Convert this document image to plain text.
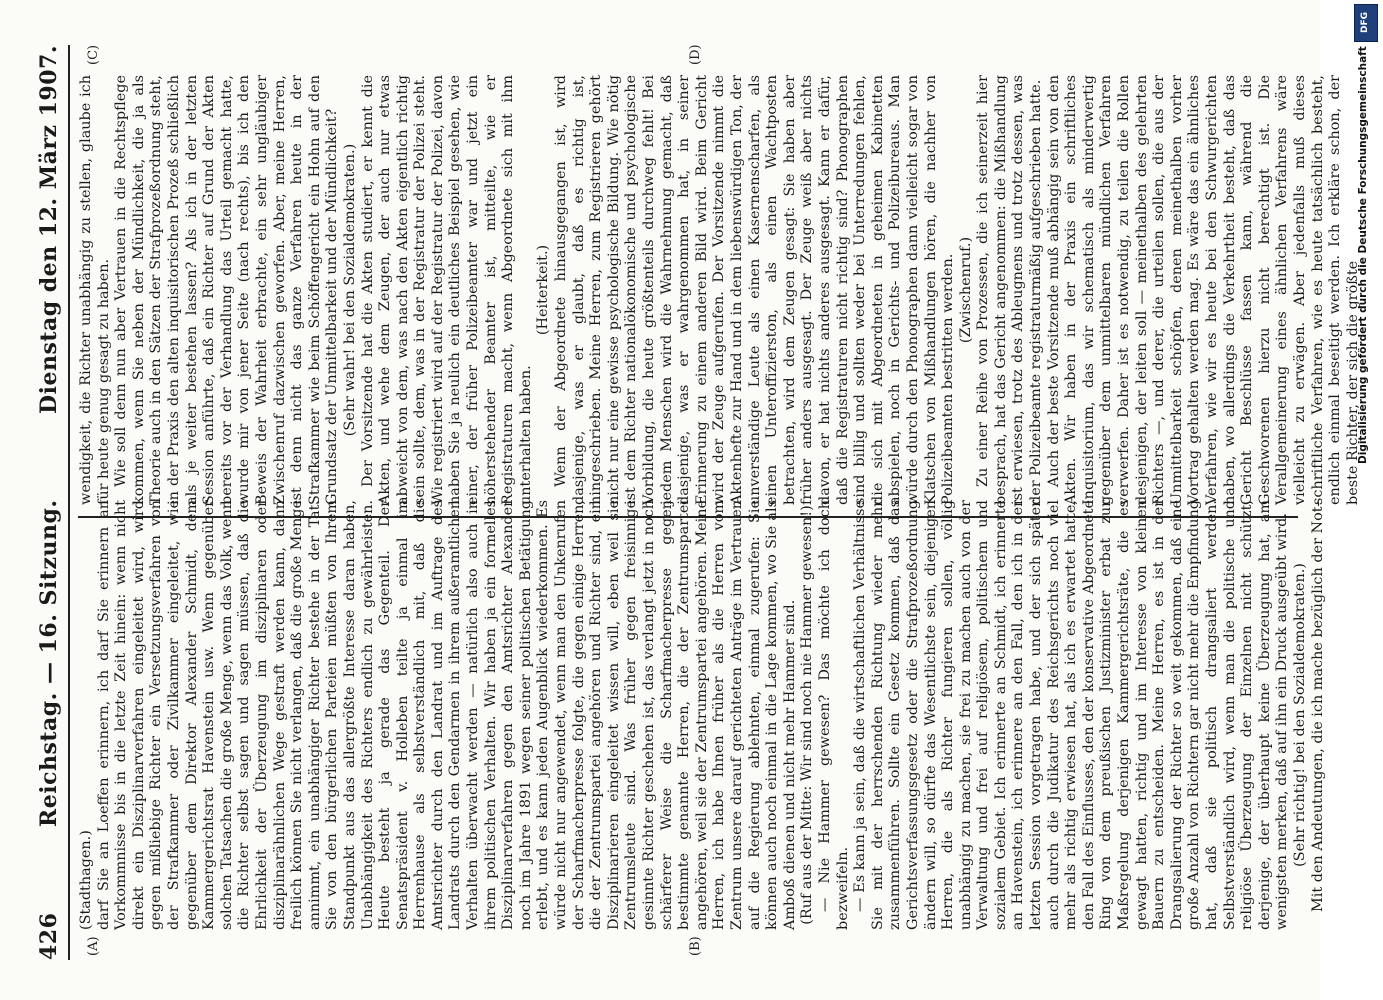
426
Reichstag. — 16. Sitzung.
Dienstag den 12. März 1907.
(A)	(B)
(C)	(D)

(Stadthagen.) darf Sie an Loeffen erinnern, ich darf Sie erinnern an Vorkommnisse bis in die letzte Zeit hinein: wenn nicht direkt ein Disziplinarverfahren eingeleitet wird, wird gegen mißliebige Richter ein Versetzungsverfahren von der Strafkammer oder Zivilkammer eingeleitet, wie gegenüber dem Direktor Alexander Schmidt, dem Kammergerichtsrat Havenstein usw. Wenn gegenüber solchen Tatsachen die große Menge, wenn das Volk, wenn die Richter selbst sagen und sagen müssen, daß die Ehrlichkeit der Überzeugung im disziplinaren oder disziplinarähnlichen Wege gestraft werden kann, dann freilich können Sie nicht verlangen, daß die große Menge annimmt, ein unabhängiger Richter bestehe in der Tat. Sie von den bürgerlichen Parteien müßten von Ihrem Standpunkt aus das allergrößte Interesse daran haben, Unabhängigkeit des Richters endlich zu gewährleisten. Heute besteht ja gerade das Gegenteil. Der Senatspräsident v. Holleben teilte ja einmal im Herrenhause als selbstverständlich mit, daß die Amtsrichter durch den Landrat und im Auftrage des Landrats durch den Gendarmen in ihrem außeramtlichen Verhalten überwacht werden — natürlich also auch in ihrem politischen Verhalten. Wir haben ja ein formelles Disziplinarverfahren gegen den Amtsrichter Alexander noch im Jahre 1891 wegen seiner politischen Betätigung erlebt, und es kann jeden Augenblick wiederkommen. Es würde nicht nur angewendet, wenn man den Unkenrufen der Scharfmacherpresse folgte, die gegen einige Herren, die der Zentrumspartei angehören und Richter sind, ein Disziplinarieren eingeleitet wissen will, eben weil sie Zentrumsleute sind. Was früher gegen freisinnige gesinnte Richter geschehen ist, das verlangt jetzt in noch schärferer Weise die Scharfmacherpresse gegen bestimmte genannte Herren, die der Zentrumspartei angehören, weil sie der Zentrumspartei angehören. Meine Herren, ich habe Ihnen früher als die Herren vom Zentrum unsere darauf gerichteten Anträge im Vertrauen auf die Regierung ablehnten, einmal zugerufen: Sie können auch noch einmal in die Lage kommen, wo Sie als Amboß dienen und nicht mehr Hammer sind. (Ruf aus der Mitte: Wir sind noch nie Hammer gewesen!) — Nie Hammer gewesen? Das möchte ich doch bezweifeln. — Es kann ja sein, daß die wirtschaftlichen Verhältnisse Sie mit der herrschenden Richtung wieder mehr zusammenführen. Sollte ein Gesetz kommen, daß das Gerichtsverfassungsgesetz oder die Strafprozeßordnung ändern will, so dürfte das Wesentlichste sein, diejenigen Herren, die als Richter fungieren sollen, völlig unabhängig zu machen, sie frei zu machen auch von der Verwaltung und frei auf religiösem, politischem und sozialem Gebiet. Ich erinnerte an Schmidt, ich erinnerte an Havenstein, ich erinnere an den Fall, den ich in der letzten Session vorgetragen habe, und der sich später auch durch die Judikatur des Reichsgerichts noch viel mehr als richtig erwiesen hat, als ich es erwartet hatte, den Fall des Einflusses, den der konservative Abgeordnete Ring von dem preußischen Justizminister erbat zur Maßregelung derjenigen Kammergerichtsräte, die es gewagt hatten, richtig und im Interesse von kleinen Bauern zu entscheiden. Meine Herren, es ist in der Drangsalierung der Richter so weit gekommen, daß eine große Anzahl von Richtern gar nicht mehr die Empfindung hat, daß sie politisch drangsaliert werden. Selbstverständlich wird, wenn man die politische und religiöse Überzeugung der Einzelnen nicht schützt, derjenige, der überhaupt keine Überzeugung hat, am wenigsten merken, daß auf ihn ein Druck ausgeübt wird. (Sehr richtig! bei den Sozialdemokraten.) Mit den Andeutungen, die ich mache bezüglich der Not-

wendigkeit, die Richter unabhängig zu stellen, glaube ich für heute genug gesagt zu haben. Wie soll denn nun aber Vertrauen in die Rechtspflege kommen, wenn Sie neben der Mündlichkeit, die ja als Theorie auch in den Sätzen der Strafprozeßordnung steht, in der Praxis den alten inquisitorischen Prozeß schließlich als je weiter bestehen lassen? Als ich in der letzten Session anführte, daß ein Richter auf Grund der Akten bereits vor der Verhandlung das Urteil gemacht hatte, wurde mir von jener Seite (nach rechts), bis ich den Beweis der Wahrheit erbrachte, ein sehr ungläubiger Zwischenruf dazwischen geworfen. Aber, meine Herren, ist denn nicht das ganze Verfahren heute in der Strafkammer wie beim Schöffengericht ein Hohn auf den Grundsatz der Unmittelbarkeit und der Mündlichkeit? (Sehr wahr! bei den Sozialdemokraten.) Der Vorsitzende hat die Akten studiert, er kennt die Akten, und wehe dem Zeugen, der auch nur etwas abweicht von dem, was nach den Akten eigentlich richtig sein sollte, dem, was in der Registratur der Polizei steht. Wie registriert wird auf der Registratur der Polizei, davon haben Sie ja neulich ein deutliches Beispiel gesehen, wie einer, der früher Polizeibeamter war und jetzt ein höherstehender Beamter ist, mitteilte, wie er Registraturen macht, wenn Abgeordnete sich mit ihm unterhalten haben.

(Heiterkeit.) Wenn der Abgeordnete hinausgegangen ist, wird dasjenige, was er glaubt, daß es richtig ist, hingeschrieben. Meine Herren, zum Registrieren gehört nicht nur eine gewisse psychologische Bildung. Wie nötig ist dem Richter nationalökonomische und psychologische Vorbildung, die heute größtenteils durchweg fehlt! Bei jedem Menschen wird die Wahrnehmung gemacht, daß dasjenige, was er wahrgenommen hat, in seiner Erinnerung zu einem anderen Bild wird. Beim Gericht wird der Zeuge aufgerufen. Der Vorsitzende nimmt die Aktenhefte zur Hand und in dem liebenswürdigen Ton, der unverständige Leute als einen Kasernenscharfen, als einen Unteroffizierston, als einen Wachtposten betrachten, wird dem Zeugen gesagt: Sie haben aber früher anders ausgesagt. Der Zeuge weiß aber nichts davon, er hat nichts anderes ausgesagt. Kann er dafür, daß die Registraturen nicht richtig sind? Phonographen sind billig und sollten weder bei Unterredungen fehlen, die sich mit Abgeordneten in geheimen Kabinetten abspielen, noch in Gerichts- und Polizeibureaus. Man würde durch den Phonographen dann vielleicht sogar von Klatschen von Mißhandlungen hören, die nachher von Polizeibeamten bestritten werden. (Zwischenruf.) Zu einer Reihe von Prozessen, die ich seinerzeit hier besprach, hat das Gericht angenommen: die Mißhandlung ist erwiesen, trotz des Ableugnens und trotz dessen, was der Polizeibeamte registraturmäßig aufgeschrieben hatte. Auch der beste Vorsitzende muß abhängig sein von den Akten. Wir haben in der Praxis ein schriftliches Inquisitorium, das wir schematisch als minderwertig gegenüber dem unmittelbaren mündlichen Verfahren verwerfen. Daher ist es notwendig, zu teilen die Rollen desjenigen, der leiten soll — meinethalben des gelehrten Richters —, und derer, die urteilen sollen, die aus der Unmittelbarkeit schöpfen, denen meinethalben vorher Vortrag gehalten werden mag. Es wäre das ein ähnliches Verfahren, wie wir es heute bei den Schwurgerichten haben, wo allerdings die Verkehrtheit besteht, daß das Gericht Beschlüsse fassen kann, während die Geschworenen hierzu nicht berechtigt ist. Die Verallgemeinerung eines ähnlichen Verfahrens wäre vielleicht zu erwägen. Aber jedenfalls muß dieses schriftliche Verfahren, wie es heute tatsächlich besteht, endlich einmal beseitigt werden. Ich erkläre schon, der beste Richter, der sich die größte

DFG
Digitalisierung gefördert durch die Deutsche Forschungsgemeinschaft
